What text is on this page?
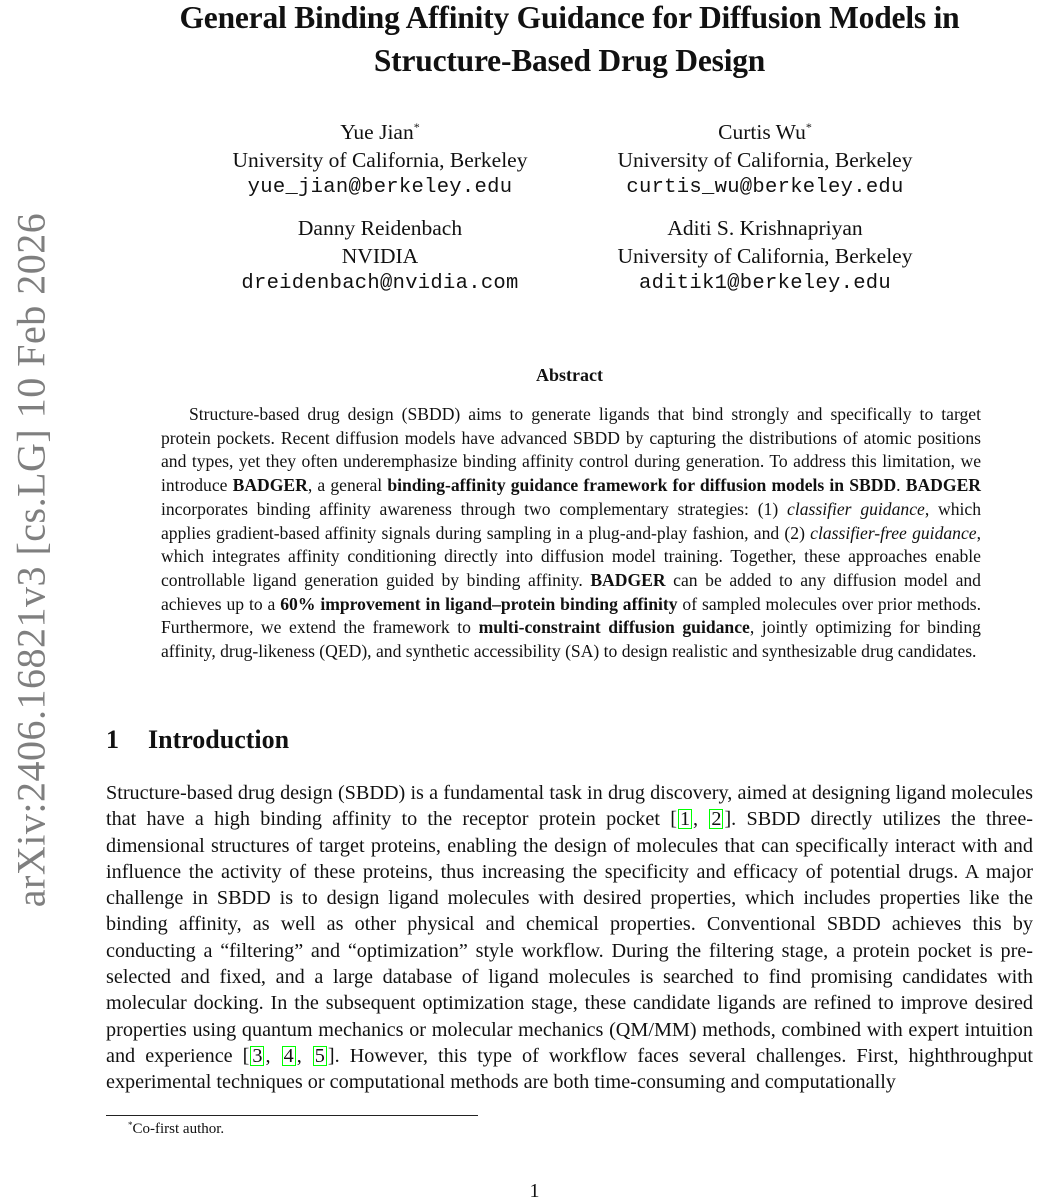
arXiv:2406.16821v3 [cs.LG] 10 Feb 2026
General Binding Affinity Guidance for Diffusion Models in
Structure-Based Drug Design
Yue Jian*
University of California, Berkeley
yue_jian@berkeley.edu
Curtis Wu*
University of California, Berkeley
curtis_wu@berkeley.edu
Danny Reidenbach
NVIDIA
dreidenbach@nvidia.com
Aditi S. Krishnapriyan
University of California, Berkeley
aditik1@berkeley.edu
Abstract
Structure-based drug design (SBDD) aims to generate ligands that bind strongly and specifically to target protein pockets. Recent diffusion models have advanced SBDD by capturing the distributions of atomic positions and types, yet they often underemphasize binding affinity control during generation. To address this limitation, we introduce BADGER, a general binding-affinity guidance framework for diffusion models in SBDD. BADGER incorporates binding affinity awareness through two complementary strategies: (1) classifier guidance, which applies gradient-based affinity signals during sampling in a plug-and-play fashion, and (2) classifier-free guidance, which integrates affinity conditioning directly into diffusion model training. Together, these approaches enable controllable ligand generation guided by binding affinity. BADGER can be added to any diffusion model and achieves up to a 60% improvement in ligand–protein binding affinity of sampled molecules over prior methods. Furthermore, we extend the framework to multi-constraint diffusion guidance, jointly optimizing for binding affinity, drug-likeness (QED), and synthetic accessibility (SA) to design realistic and synthesizable drug candidates.
1 Introduction
Structure-based drug design (SBDD) is a fundamental task in drug discovery, aimed at designing ligand molecules that have a high binding affinity to the receptor protein pocket [ 1 , 2 ]. SBDD directly utilizes the three-dimensional structures of target proteins, enabling the design of molecules that can specifically interact with and influence the activity of these proteins, thus increasing the specificity and efficacy of potential drugs. A major challenge in SBDD is to design ligand molecules with desired properties, which includes properties like the binding affinity, as well as other physical and chemical properties. Conventional SBDD achieves this by conducting a “filtering” and “optimization” style workflow. During the filtering stage, a protein pocket is pre-selected and fixed, and a large database of ligand molecules is searched to find promising candidates with molecular docking. In the subsequent optimization stage, these candidate ligands are refined to improve desired properties using quantum mechanics or molecular mechanics (QM/MM) methods, combined with expert intuition and experience [ 3 , 4 , 5 ]. However, this type of workflow faces several challenges. First, highthroughput experimental techniques or computational methods are both time-consuming and computationally
*Co-first author.
1
